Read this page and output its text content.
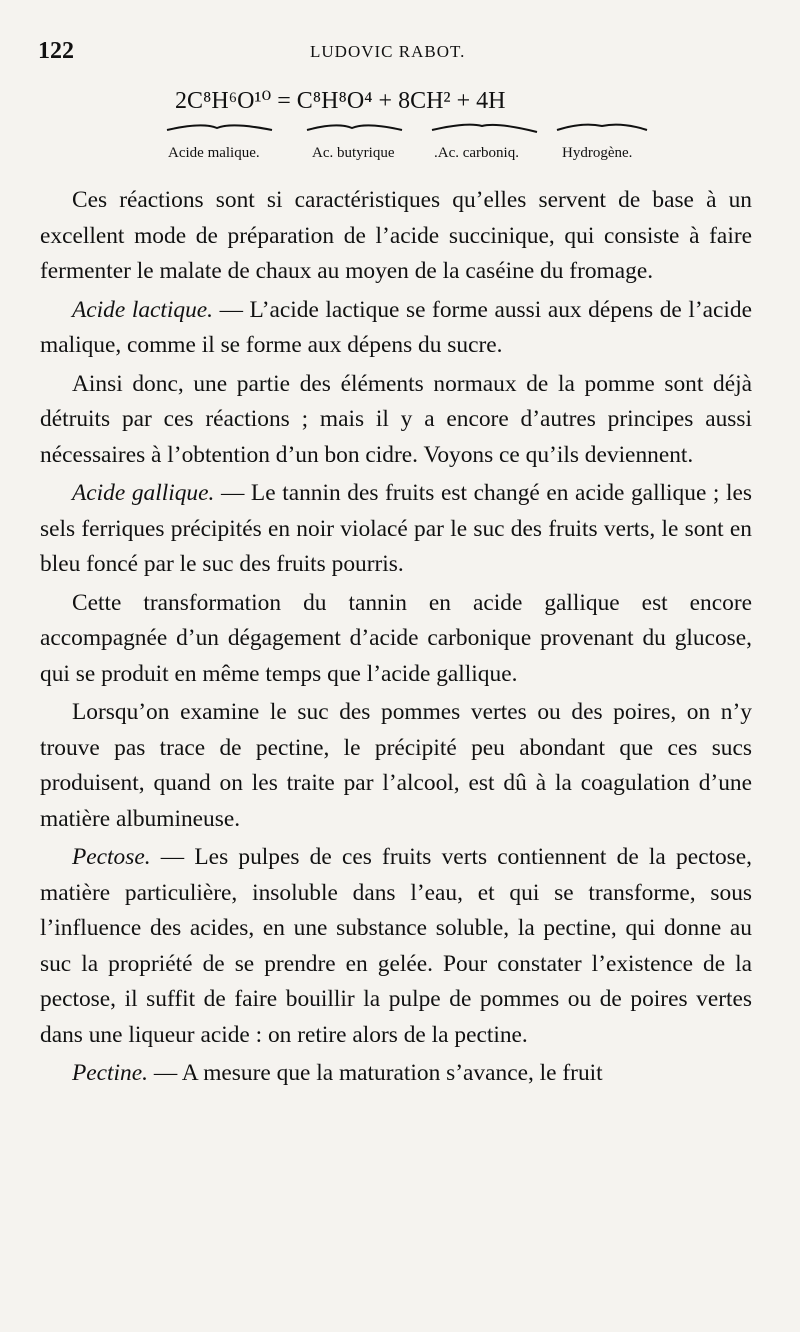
122	LUDOVIC RABOT.
2C⁸H⁶O¹⁰ = C⁸H⁸O⁴ + 8CH² + 4H
Acide malique.	Ac. butyrique	.Ac. carboniq.	Hydrogène.

Ces réactions sont si caractéristiques qu’elles servent de base à un excellent mode de préparation de l’acide succinique, qui consiste à faire fermenter le malate de chaux au moyen de la caséine du fromage.

Acide lactique. — L’acide lactique se forme aussi aux dépens de l’acide malique, comme il se forme aux dépens du sucre.

Ainsi donc, une partie des éléments normaux de la pomme sont déjà détruits par ces réactions ; mais il y a encore d’autres principes aussi nécessaires à l’obtention d’un bon cidre. Voyons ce qu’ils deviennent.

Acide gallique. — Le tannin des fruits est changé en acide gallique ; les sels ferriques précipités en noir violacé par le suc des fruits verts, le sont en bleu foncé par le suc des fruits pourris.

Cette transformation du tannin en acide gallique est encore accompagnée d’un dégagement d’acide carbonique provenant du glucose, qui se produit en même temps que l’acide gallique.

Lorsqu’on examine le suc des pommes vertes ou des poires, on n’y trouve pas trace de pectine, le précipité peu abondant que ces sucs produisent, quand on les traite par l’alcool, est dû à la coagulation d’une matière albumineuse.

Pectose. — Les pulpes de ces fruits verts contiennent de la pectose, matière particulière, insoluble dans l’eau, et qui se transforme, sous l’influence des acides, en une substance soluble, la pectine, qui donne au suc la propriété de se prendre en gelée. Pour constater l’existence de la pectose, il suffit de faire bouillir la pulpe de pommes ou de poires vertes dans une liqueur acide : on retire alors de la pectine.

Pectine. — A mesure que la maturation s’avance, le fruit
